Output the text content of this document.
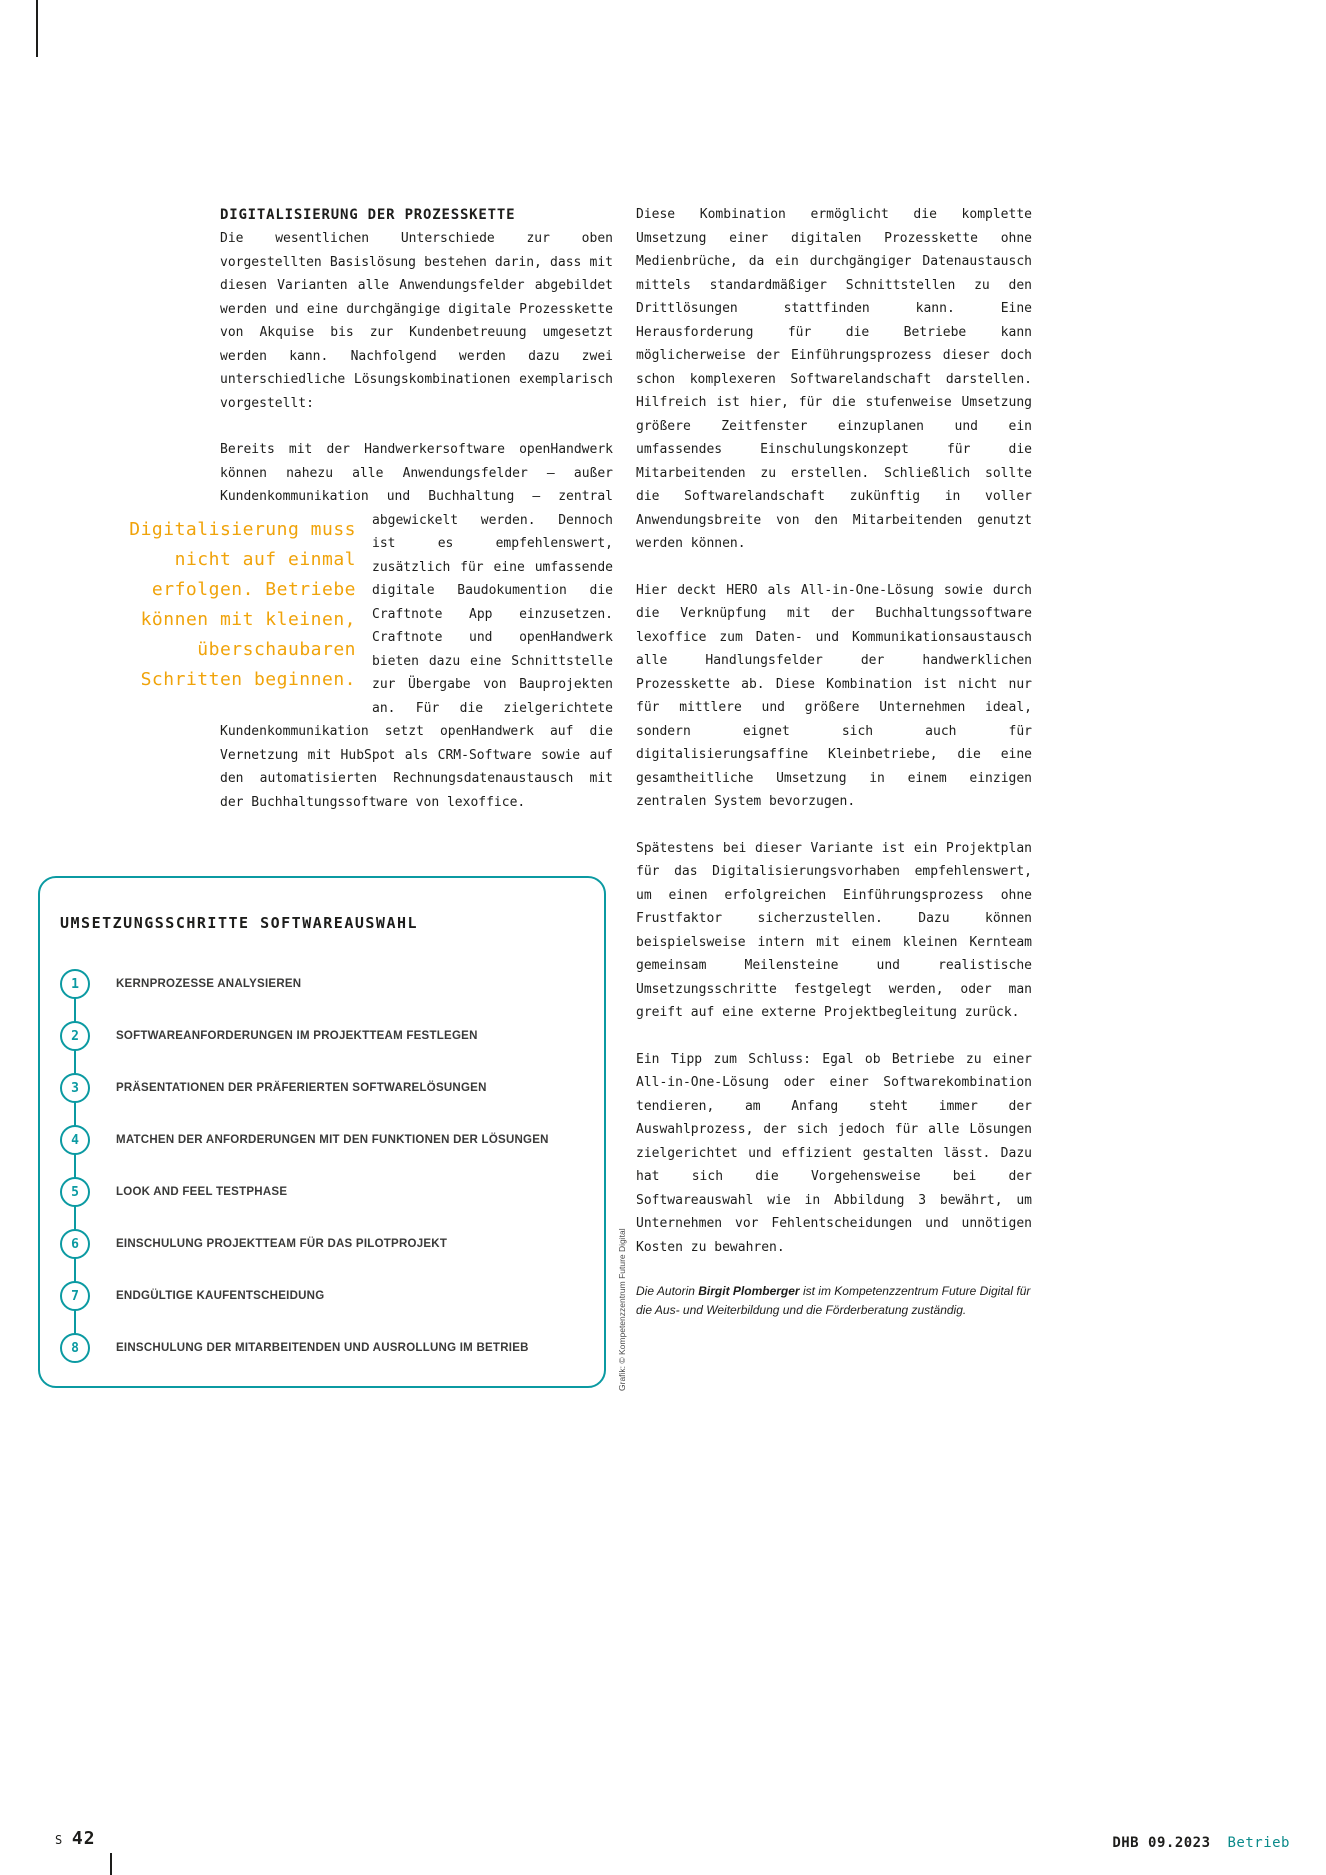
DIGITALISIERUNG DER PROZESSKETTE
Die wesentlichen Unterschiede zur oben vorgestellten Basislösung bestehen darin, dass mit diesen Varianten alle Anwendungsfelder abgebildet werden und eine durchgängige digitale Prozesskette von Akquise bis zur Kundenbetreuung umgesetzt werden kann. Nachfolgend werden dazu zwei unterschiedliche Lösungskombinationen exemplarisch vorgestellt:
Bereits mit der Handwerkersoftware openHandwerk können nahezu alle Anwendungsfelder – außer Kundenkommunikation und Buchhaltung – zentral abgewickelt werden.
Digitalisierung muss nicht auf einmal erfolgen. Betriebe können mit kleinen, überschaubaren Schritten beginnen.
Dennoch ist es empfehlenswert, zusätzlich für eine umfassende digitale Baudokumention die Craftnote App einzusetzen. Craftnote und openHandwerk bieten dazu eine Schnittstelle zur Übergabe von Bauprojekten an. Für die zielgerichtete Kundenkommunikation setzt openHandwerk auf die Vernetzung mit HubSpot als CRM-Software sowie auf den automatisierten Rechnungsdatenaustausch mit der Buchhaltungssoftware von lexoffice.

Diese Kombination ermöglicht die komplette Umsetzung einer digitalen Prozesskette ohne Medienbrüche, da ein durchgängiger Datenaustausch mittels standardmäßiger Schnittstellen zu den Drittlösungen stattfinden kann. Eine Herausforderung für die Betriebe kann möglicherweise der Einführungsprozess dieser doch schon komplexeren Softwarelandschaft darstellen. Hilfreich ist hier, für die stufenweise Umsetzung größere Zeitfenster einzuplanen und ein umfassendes Einschulungskonzept für die Mitarbeitenden zu erstellen. Schließlich sollte die Softwarelandschaft zukünftig in voller Anwendungsbreite von den Mitarbeitenden genutzt werden können.

Hier deckt HERO als All-in-One-Lösung sowie durch die Verknüpfung mit der Buchhaltungssoftware lexoffice zum Daten- und Kommunikationsaustausch alle Handlungsfelder der handwerklichen Prozesskette ab. Diese Kombination ist nicht nur für mittlere und größere Unternehmen ideal, sondern eignet sich auch für digitalisierungsaffine Kleinbetriebe, die eine gesamtheitliche Umsetzung in einem einzigen zentralen System bevorzugen.

Spätestens bei dieser Variante ist ein Projektplan für das Digitalisierungsvorhaben empfehlenswert, um einen erfolgreichen Einführungsprozess ohne Frustfaktor sicherzustellen. Dazu können beispielsweise intern mit einem kleinen Kernteam gemeinsam Meilensteine und realistische Umsetzungsschritte festgelegt werden, oder man greift auf eine externe Projektbegleitung zurück.

Ein Tipp zum Schluss: Egal ob Betriebe zu einer All-in-One-Lösung oder einer Softwarekombination tendieren, am Anfang steht immer der Auswahlprozess, der sich jedoch für alle Lösungen zielgerichtet und effizient gestalten lässt. Dazu hat sich die Vorgehensweise bei der Softwareauswahl wie in Abbildung 3 bewährt, um Unternehmen vor Fehlentscheidungen und unnötigen Kosten zu bewahren.

Die Autorin Birgit Plomberger ist im Kompetenzzentrum Future Digital für die Aus- und Weiterbildung und die Förderberatung zuständig.
UMSETZUNGSSCHRITTE SOFTWAREAUSWAHL
1	KERNPROZESSE ANALYSIEREN
2	SOFTWAREANFORDERUNGEN IM PROJEKTTEAM FESTLEGEN
3	PRÄSENTATIONEN DER PRÄFERIERTEN SOFTWARELÖSUNGEN
4	MATCHEN DER ANFORDERUNGEN MIT DEN FUNKTIONEN DER LÖSUNGEN
5	LOOK AND FEEL TESTPHASE
6	EINSCHULUNG PROJEKTTEAM FÜR DAS PILOTPROJEKT
7	ENDGÜLTIGE KAUFENTSCHEIDUNG
8	EINSCHULUNG DER MITARBEITENDEN UND AUSROLLUNG IM BETRIEB	Grafik: © Kompetenzzentrum Future Digital
S 42	DHB 09.2023 Betrieb
